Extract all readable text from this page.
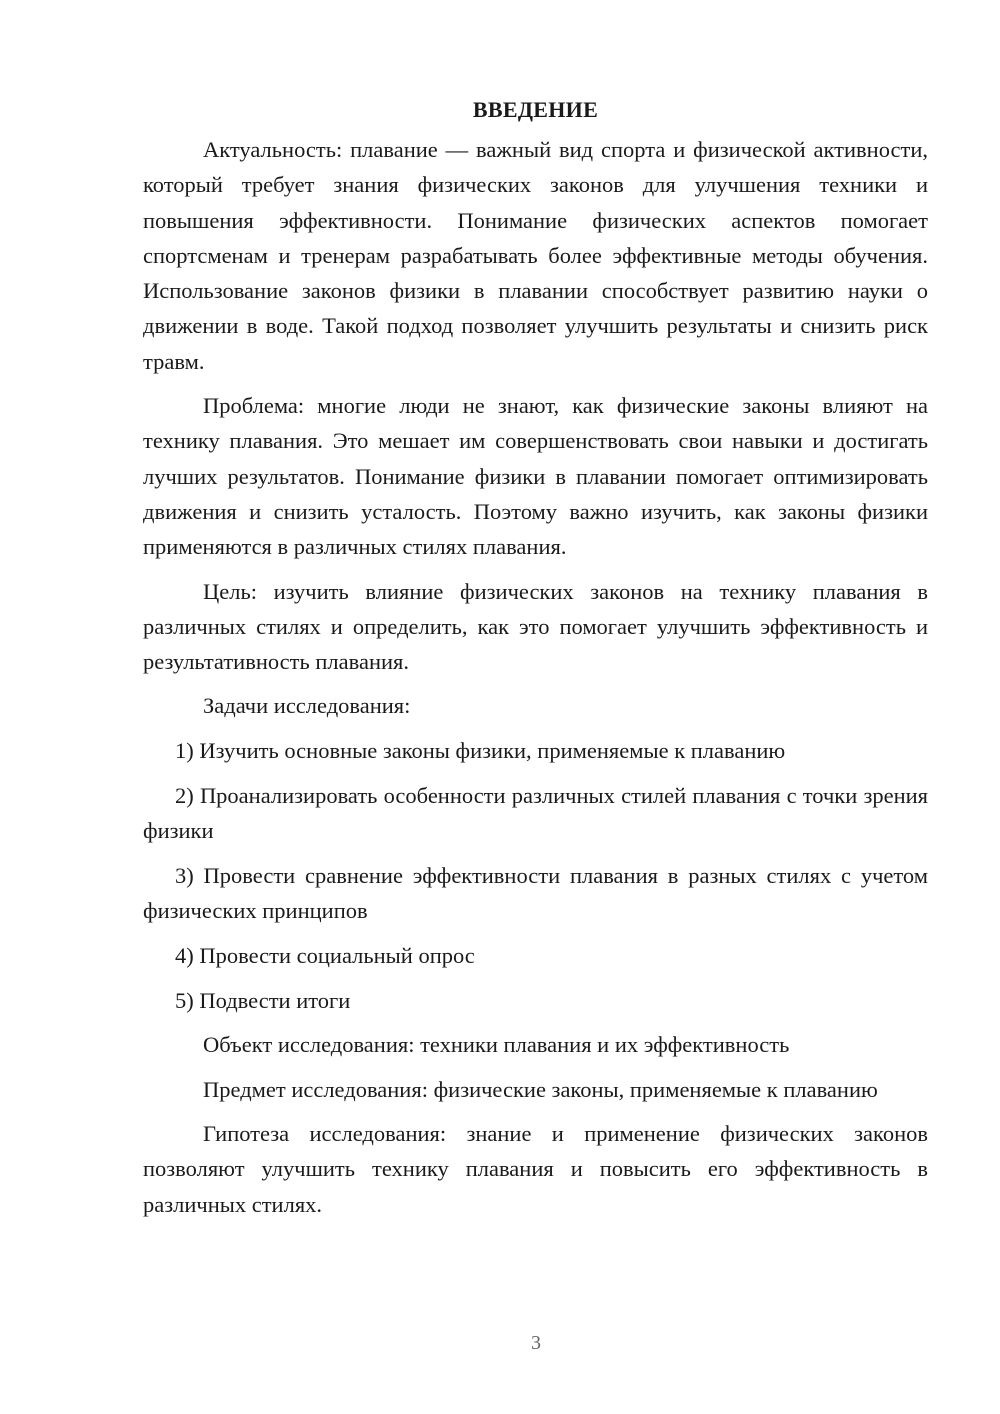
ВВЕДЕНИЕ

Актуальность: плавание — важный вид спорта и физической активности, который требует знания физических законов для улучшения техники и повышения эффективности. Понимание физических аспектов помогает спортсменам и тренерам разрабатывать более эффективные методы обучения. Использование законов физики в плавании способствует развитию науки о движении в воде. Такой подход позволяет улучшить результаты и снизить риск травм.

Проблема: многие люди не знают, как физические законы влияют на технику плавания. Это мешает им совершенствовать свои навыки и достигать лучших результатов. Понимание физики в плавании помогает оптимизировать движения и снизить усталость. Поэтому важно изучить, как законы физики применяются в различных стилях плавания.

Цель: изучить влияние физических законов на технику плавания в различных стилях и определить, как это помогает улучшить эффективность и результативность плавания.

Задачи исследования:

1) Изучить основные законы физики, применяемые к плаванию

2) Проанализировать особенности различных стилей плавания с точки зрения физики

3) Провести сравнение эффективности плавания в разных стилях с учетом физических принципов

4) Провести социальный опрос

5) Подвести итоги

Объект исследования: техники плавания и их эффективность

Предмет исследования: физические законы, применяемые к плаванию

Гипотеза исследования: знание и применение физических законов позволяют улучшить технику плавания и повысить его эффективность в различных стилях.

3
